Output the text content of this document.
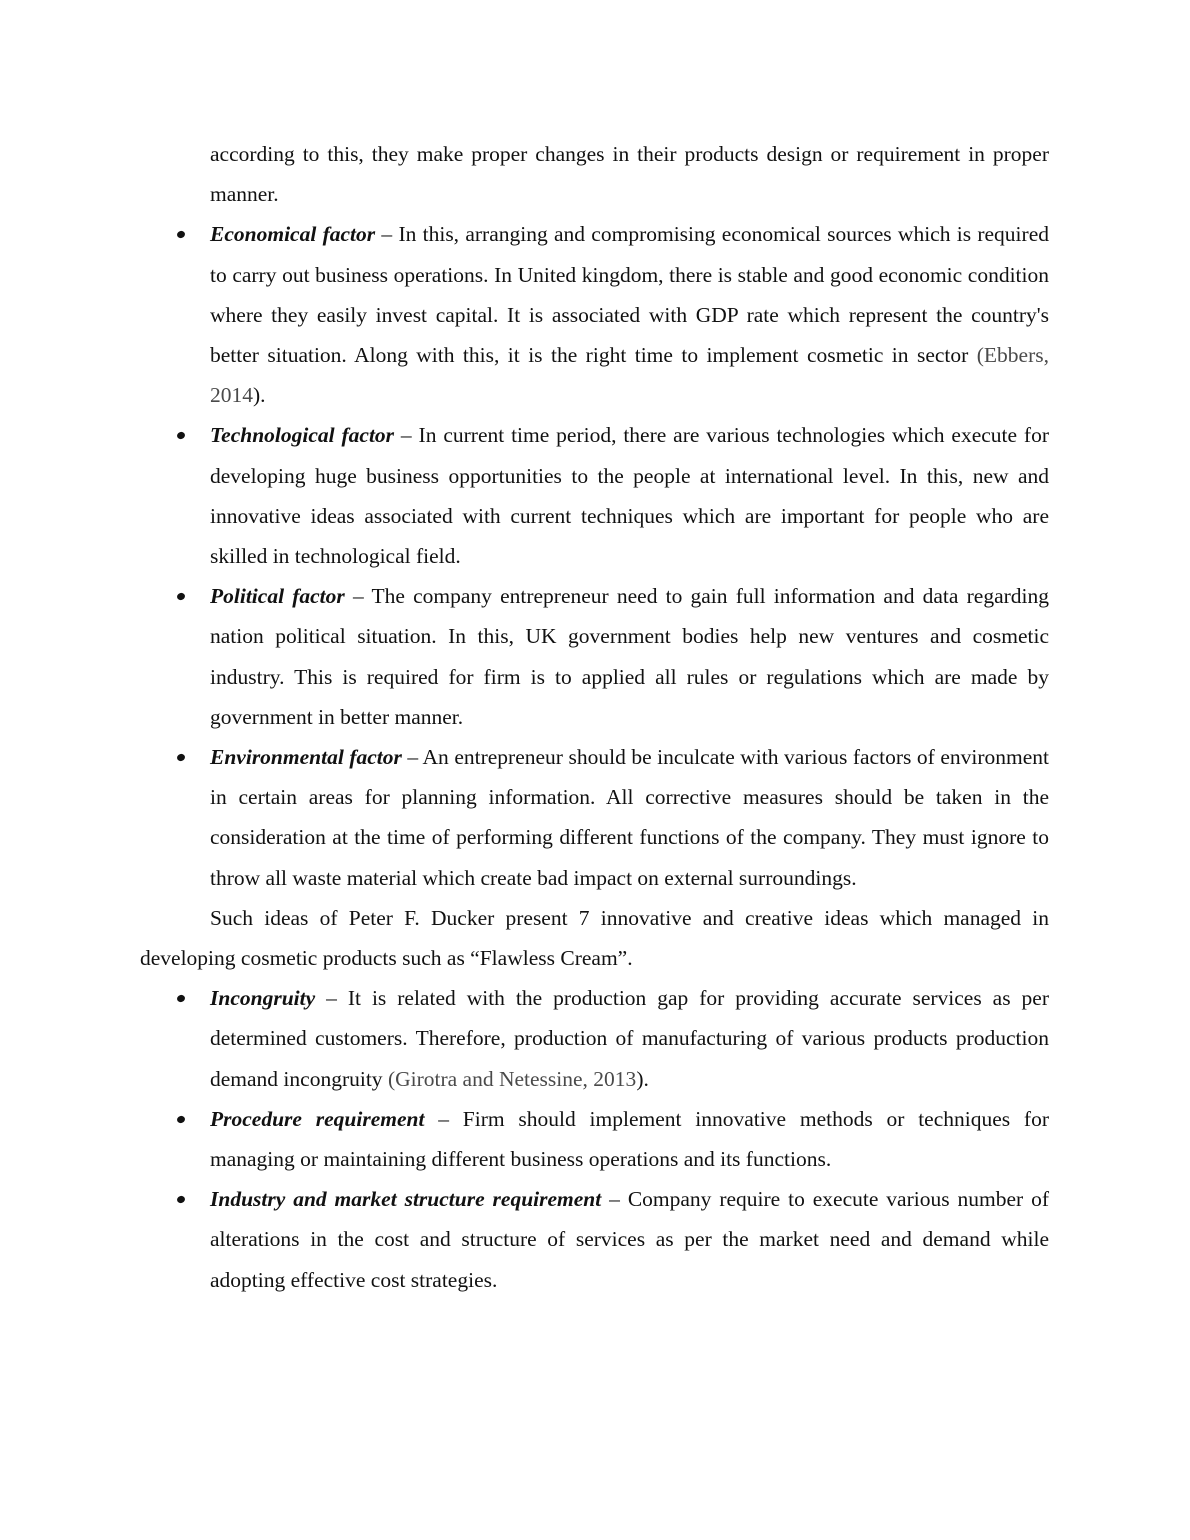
according to this, they make proper changes in their products design or requirement in proper manner.

Economical factor – In this, arranging and compromising economical sources which is required to carry out business operations. In United kingdom, there is stable and good economic condition where they easily invest capital. It is associated with GDP rate which represent the country's better situation. Along with this, it is the right time to implement cosmetic in sector (Ebbers, 2014).
Technological factor – In current time period, there are various technologies which execute for developing huge business opportunities to the people at international level. In this, new and innovative ideas associated with current techniques which are important for people who are skilled in technological field.
Political factor – The company entrepreneur need to gain full information and data regarding nation political situation. In this, UK government bodies help new ventures and cosmetic industry. This is required for firm is to applied all rules or regulations which are made by government in better manner.
Environmental factor – An entrepreneur should be inculcate with various factors of environment in certain areas for planning information. All corrective measures should be taken in the consideration at the time of performing different functions of the company. They must ignore to throw all waste material which create bad impact on external surroundings.

Such ideas of Peter F. Ducker present 7 innovative and creative ideas which managed in developing cosmetic products such as “Flawless Cream”.

Incongruity – It is related with the production gap for providing accurate services as per determined customers. Therefore, production of manufacturing of various products production demand incongruity (Girotra and Netessine, 2013).
Procedure requirement – Firm should implement innovative methods or techniques for managing or maintaining different business operations and its functions.
Industry and market structure requirement – Company require to execute various number of alterations in the cost and structure of services as per the market need and demand while adopting effective cost strategies.
